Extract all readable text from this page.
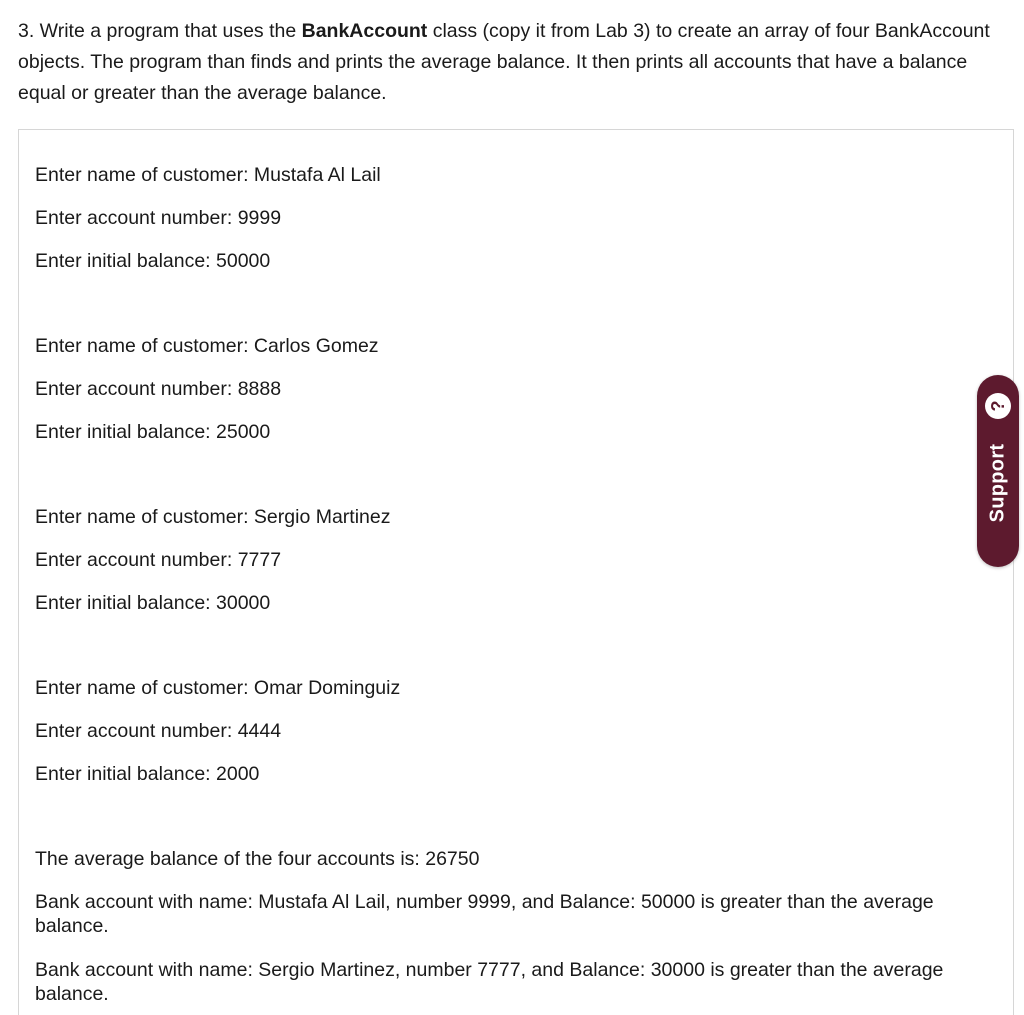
3. Write a program that uses the BankAccount class (copy it from Lab 3) to create an array of four BankAccount objects. The program than finds and prints the average balance. It then prints all accounts that have a balance equal or greater than the average balance.

Enter name of customer: Mustafa Al Lail

Enter account number: 9999

Enter initial balance: 50000

Enter name of customer: Carlos Gomez

Enter account number: 8888

Enter initial balance: 25000

Enter name of customer: Sergio Martinez

Enter account number: 7777

Enter initial balance: 30000

Enter name of customer: Omar Dominguiz

Enter account number: 4444

Enter initial balance: 2000

The average balance of the four accounts is: 26750

Bank account with name: Mustafa Al Lail, number 9999, and Balance: 50000 is greater than the average balance.

Bank account with name: Sergio Martinez, number 7777, and Balance: 30000 is greater than the average balance.

?
Support
